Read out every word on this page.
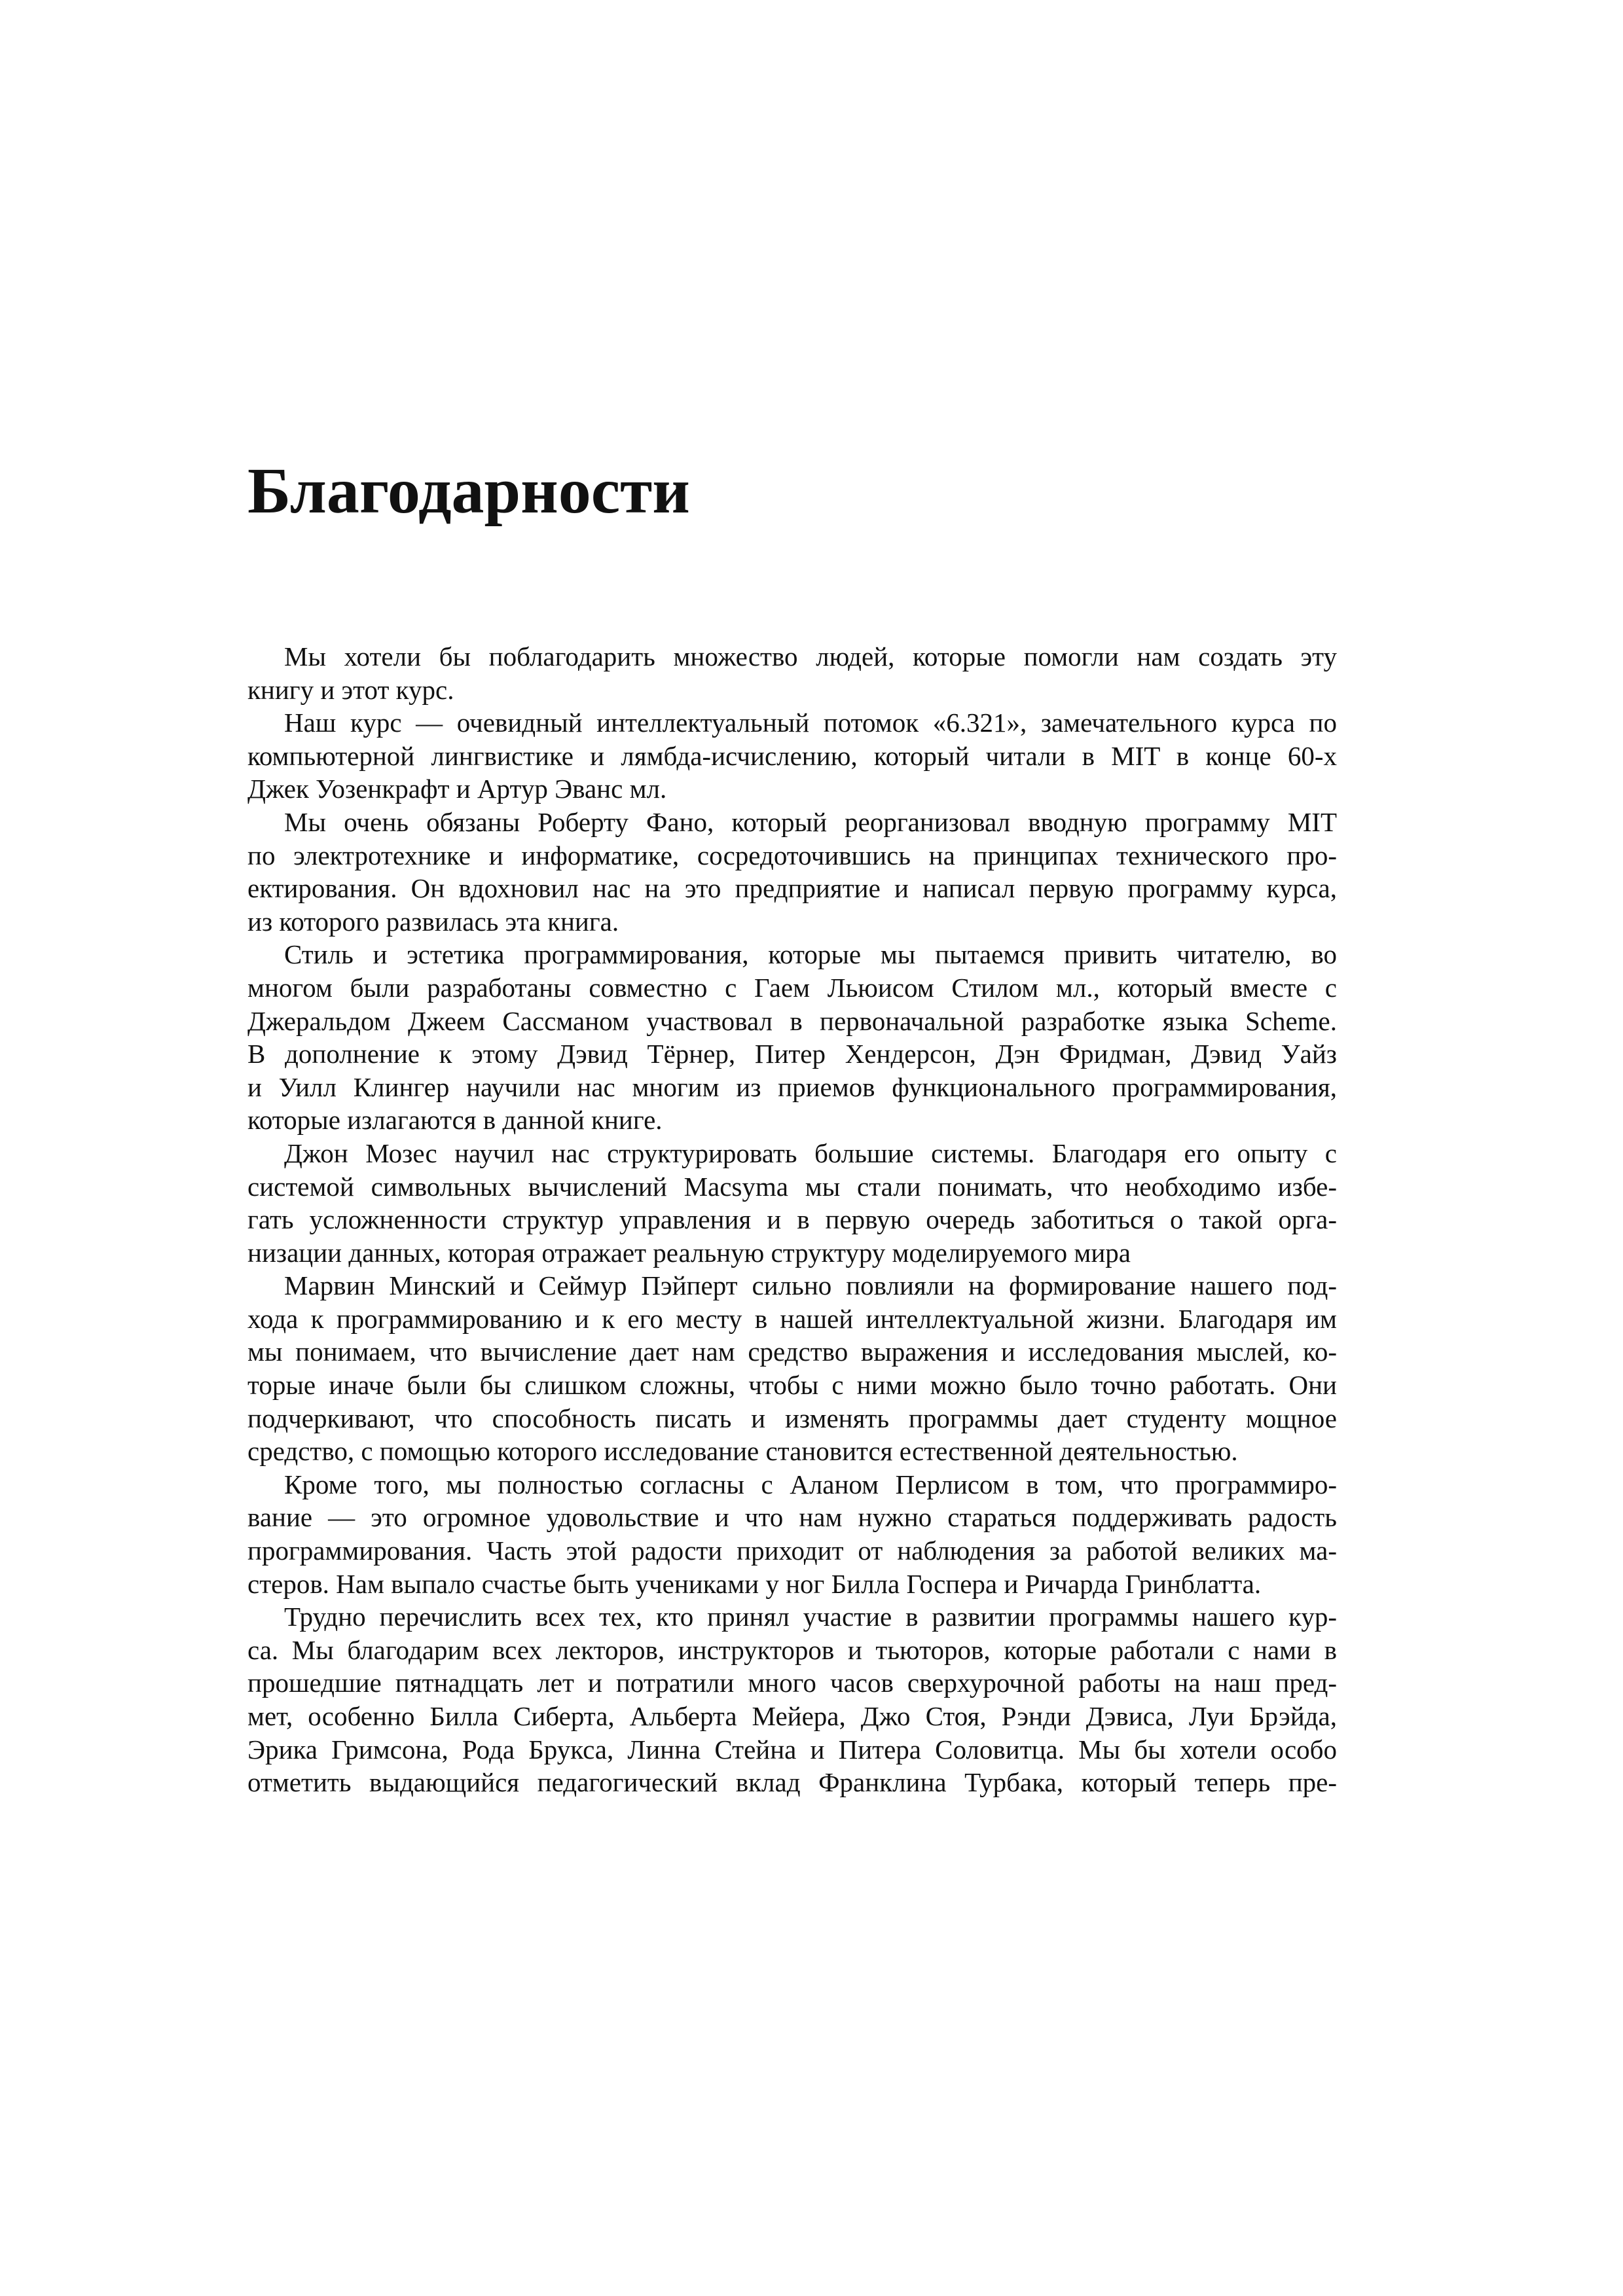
Благодарности
Мы хотели бы поблагодарить множество людей, которые помогли нам создать эту
книгу и этот курс.
Наш курс — очевидный интеллектуальный потомок «6.321», замечательного курса по
компьютерной лингвистике и лямбда-исчислению, который читали в MIT в конце 60-х
Джек Уозенкрафт и Артур Эванс мл.
Мы очень обязаны Роберту Фано, который реорганизовал вводную программу MIT
по электротехнике и информатике, сосредоточившись на принципах технического про-
ектирования. Он вдохновил нас на это предприятие и написал первую программу курса,
из которого развилась эта книга.
Стиль и эстетика программирования, которые мы пытаемся привить читателю, во
многом были разработаны совместно с Гаем Льюисом Стилом мл., который вместе с
Джеральдом Джеем Сассманом участвовал в первоначальной разработке языка Scheme.
В дополнение к этому Дэвид Тёрнер, Питер Хендерсон, Дэн Фридман, Дэвид Уайз
и Уилл Клингер научили нас многим из приемов функционального программирования,
которые излагаются в данной книге.
Джон Мозес научил нас структурировать большие системы. Благодаря его опыту с
системой символьных вычислений Macsyma мы стали понимать, что необходимо избе-
гать усложненности структур управления и в первую очередь заботиться о такой орга-
низации данных, которая отражает реальную структуру моделируемого мира
Марвин Минский и Сеймур Пэйперт сильно повлияли на формирование нашего под-
хода к программированию и к его месту в нашей интеллектуальной жизни. Благодаря им
мы понимаем, что вычисление дает нам средство выражения и исследования мыслей, ко-
торые иначе были бы слишком сложны, чтобы с ними можно было точно работать. Они
подчеркивают, что способность писать и изменять программы дает студенту мощное
средство, с помощью которого исследование становится естественной деятельностью.
Кроме того, мы полностью согласны с Аланом Перлисом в том, что программиро-
вание — это огромное удовольствие и что нам нужно стараться поддерживать радость
программирования. Часть этой радости приходит от наблюдения за работой великих ма-
стеров. Нам выпало счастье быть учениками у ног Билла Госпера и Ричарда Гринблатта.
Трудно перечислить всех тех, кто принял участие в развитии программы нашего кур-
са. Мы благодарим всех лекторов, инструкторов и тьюторов, которые работали с нами в
прошедшие пятнадцать лет и потратили много часов сверхурочной работы на наш пред-
мет, особенно Билла Сиберта, Альберта Мейера, Джо Стоя, Рэнди Дэвиса, Луи Брэйда,
Эрика Гримсона, Рода Брукса, Линна Стейна и Питера Соловитца. Мы бы хотели особо
отметить выдающийся педагогический вклад Франклина Турбака, который теперь пре-
